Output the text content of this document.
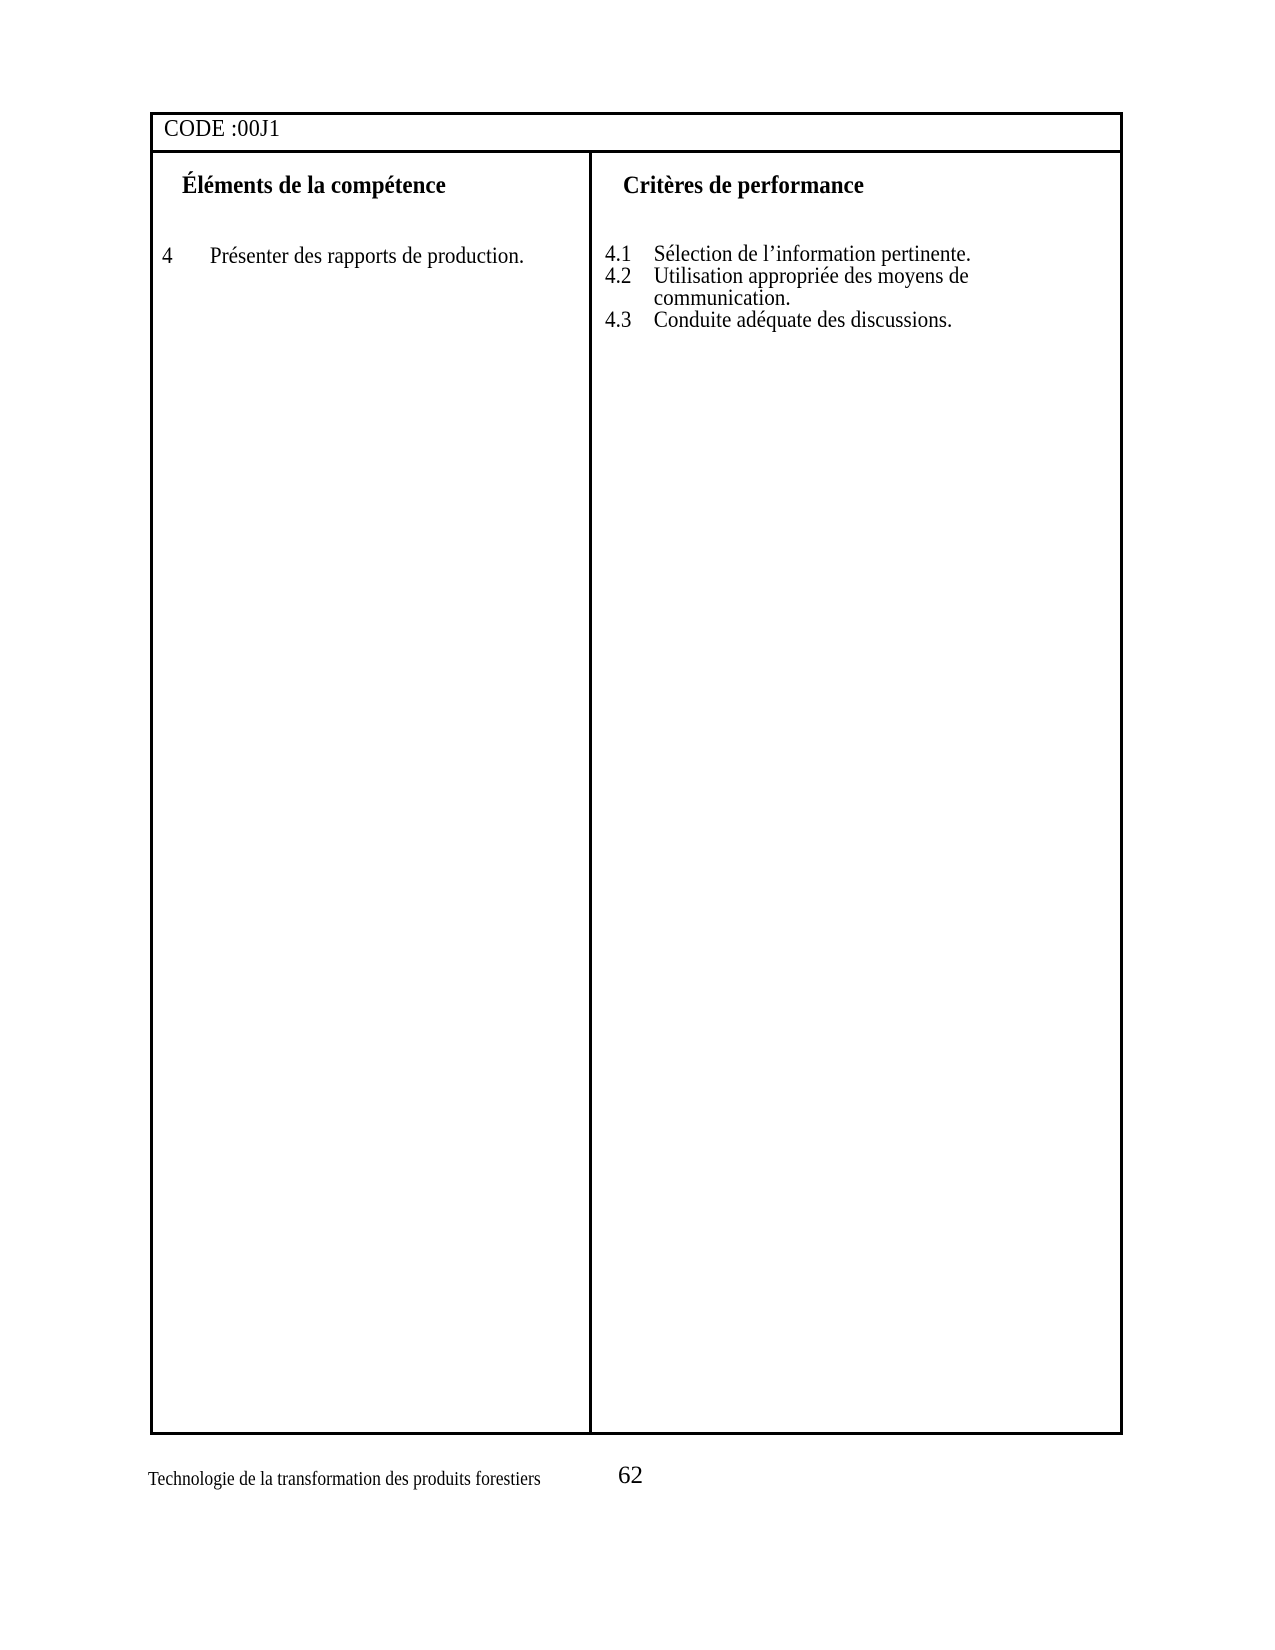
CODE :00J1
Éléments de la compétence
4 Présenter des rapports de production.
Critères de performance
4.1 Sélection de l’information pertinente.
4.2 Utilisation appropriée des moyens de communication.
4.3 Conduite adéquate des discussions.
Technologie de la transformation des produits forestiers	62
